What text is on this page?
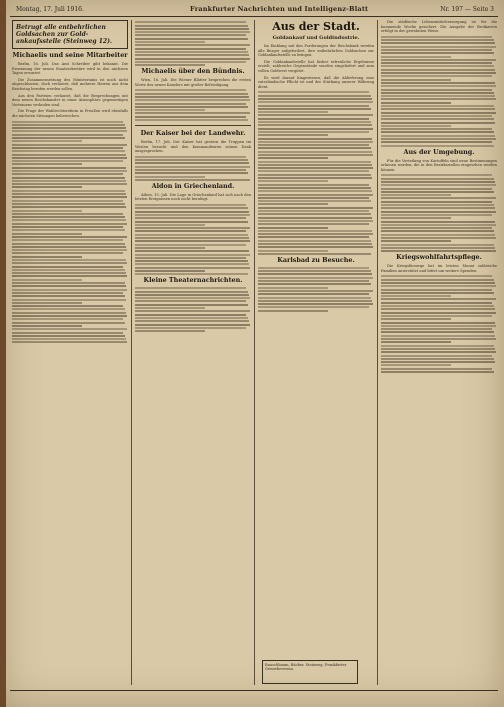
Montag, 17. Juli 1916.	Frankfurter Nachrichten und Intelligenz-Blatt	Nr. 197 — Seite 3
Betrugt alle entbehrlichen Goldsachen zur Gold-ankaufsstelle (Steinweg 12).
Michaelis und seine Mitarbeiter

Berlin, 16. Juli. Das Amt Schreiber gibt bekannt. Die Ernennung der neuen Staatssekretäre wird in den nächsten Tagen erwartet.

Die Zusammensetzung des Ministeriums ist noch nicht abgeschlossen, doch verlautet, daß mehrere Herren aus dem Reichstag berufen werden sollen.

Aus den Parteien verlautet, daß die Besprechungen mit dem neuen Reichskanzler in einer Atmosphäre gegenseitigen Vertrauens verlaufen sind.

Die Frage der Wahlrechtsreform in Preußen wird ebenfalls die nächsten Sitzungen beherrschen.

Michaelis über den Bündnis.

Wien, 16. Juli. Die Wiener Blätter besprechen die ersten Worte des neuen Kanzlers mit großer Befriedigung.

Der Kaiser bei der Landwehr.

Berlin, 17. Juli. Der Kaiser hat gestern die Truppen im Westen besucht und den Kommandeuren seinen Dank ausgesprochen.

Aldon in Griechenland.

Athen, 15. Juli. Die Lage in Griechenland hat sich nach den letzten Ereignissen noch nicht beruhigt.

Kleine Theaternachrichten.
Aus der Stadt.
Goldankauf und Goldindustrie.

Im Einklang mit den Forderungen der Reichsbank werden alle Bürger aufgefordert, ihre entbehrlichen Goldsachen zur Goldankaufsstelle zu bringen.

Die Goldankaufsstelle hat bisher erfreuliche Ergebnisse erzielt; zahlreiche Gegenstände wurden eingeliefert und zum vollen Goldwert vergütet.

Es wird darauf hingewiesen, daß die Ablieferung eine vaterländische Pflicht ist und der Stärkung unserer Währung dient.

Karlsbad zu Besuche.

Die städtische Lebensmittelversorgung ist für die kommende Woche gesichert. Die Ausgabe der Brotkarten erfolgt in der gewohnten Weise.

Aus der Umgebung.

Für die Verteilung von Kartoffeln sind neue Bestimmungen erlassen worden, die in den Bezirksstellen eingesehen werden können.

Kriegswohlfahrtspflege.

Die Kriegsfürsorge hat im letzten Monat zahlreiche Familien unterstützt und bittet um weitere Spenden.

Rauschbaum, Bäcker, Steinweg. Frankfurter Gewerbeverein.
